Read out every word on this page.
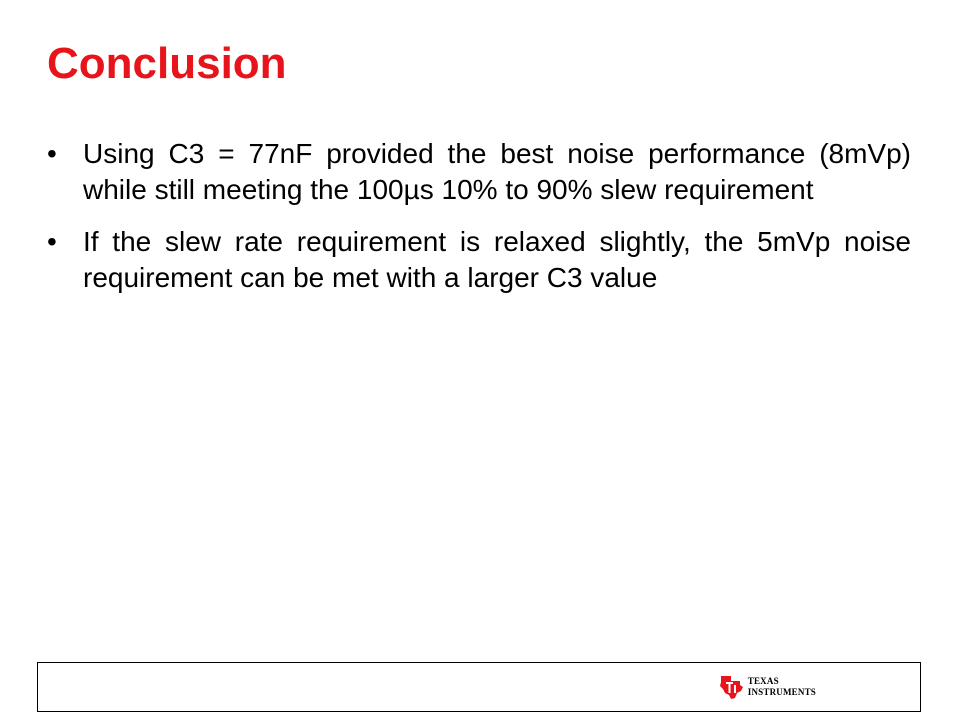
Conclusion
• Using C3 = 77nF provided the best noise performance (8mVp) while still meeting the 100µs 10% to 90% slew requirement
• If the slew rate requirement is relaxed slightly, the 5mVp noise requirement can be met with a larger C3 value
TEXAS
INSTRUMENTS
